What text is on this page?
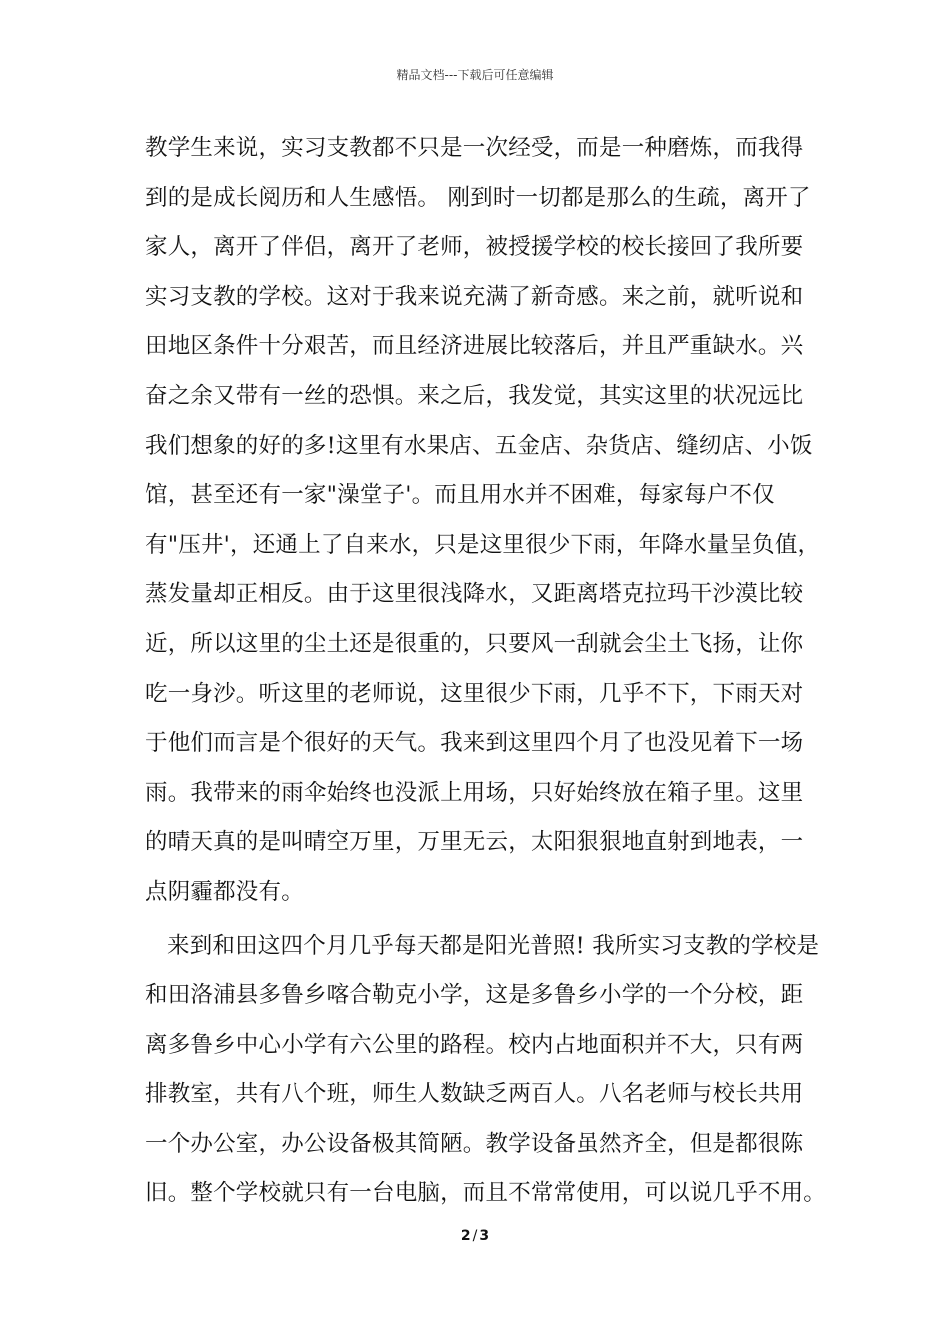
精品文档---下载后可任意编辑
教学生来说，实习支教都不只是一次经受，而是一种磨炼，而我得
到的是成长阅历和人生感悟。 刚到时一切都是那么的生疏，离开了
家人，离开了伴侣，离开了老师，被授援学校的校长接回了我所要
实习支教的学校。这对于我来说充满了新奇感。来之前，就听说和
田地区条件十分艰苦，而且经济进展比较落后，并且严重缺水。兴
奋之余又带有一丝的恐惧。来之后，我发觉，其实这里的状况远比
我们想象的好的多!这里有水果店、五金店、杂货店、缝纫店、小饭
馆，甚至还有一家"澡堂子'。而且用水并不困难，每家每户不仅
有"压井'，还通上了自来水，只是这里很少下雨，年降水量呈负值，
蒸发量却正相反。由于这里很浅降水，又距离塔克拉玛干沙漠比较
近，所以这里的尘土还是很重的，只要风一刮就会尘土飞扬，让你
吃一身沙。听这里的老师说，这里很少下雨，几乎不下，下雨天对
于他们而言是个很好的天气。我来到这里四个月了也没见着下一场
雨。我带来的雨伞始终也没派上用场，只好始终放在箱子里。这里
的晴天真的是叫晴空万里，万里无云，太阳狠狠地直射到地表，一
点阴霾都没有。
来到和田这四个月几乎每天都是阳光普照! 我所实习支教的学校是
和田洛浦县多鲁乡喀合勒克小学，这是多鲁乡小学的一个分校，距
离多鲁乡中心小学有六公里的路程。校内占地面积并不大，只有两
排教室，共有八个班，师生人数缺乏两百人。八名老师与校长共用
一个办公室，办公设备极其简陋。教学设备虽然齐全，但是都很陈
旧。整个学校就只有一台电脑，而且不常常使用，可以说几乎不用。
2 / 3
